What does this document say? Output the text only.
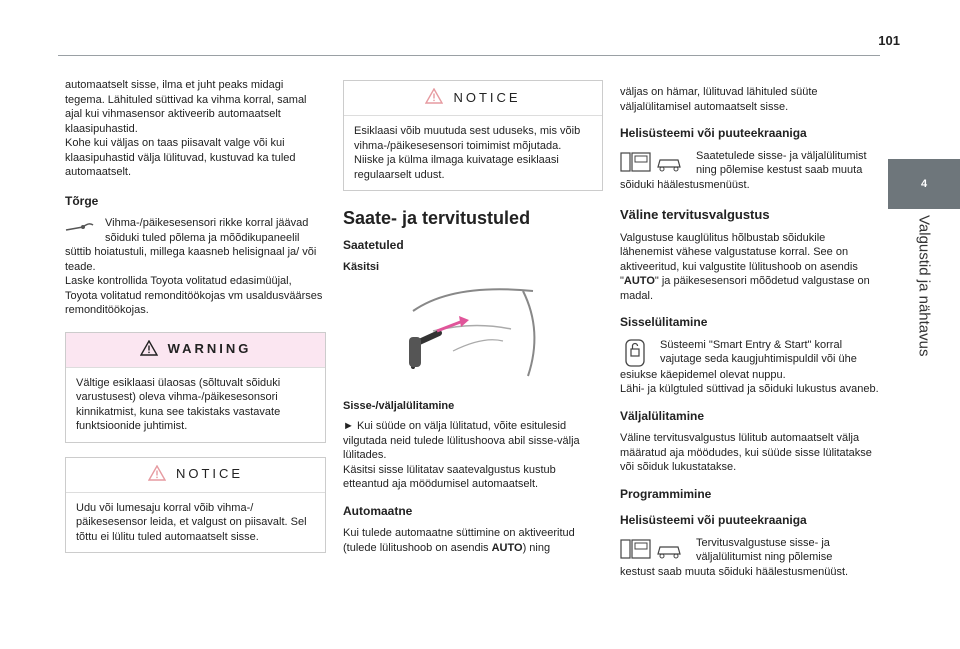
101
4
Valgustid ja nähtavus

automaatselt sisse, ilma et juht peaks midagi tegema. Lähituled süttivad ka vihma korral, samal ajal kui vihmasensor aktiveerib automaatselt klaasipuhastid.
Kohe kui väljas on taas piisavalt valge või kui klaasipuhastid välja lülituvad, kustuvad ka tuled automaatselt.

Tõrge

Vihma-/päikesesensori rikke korral jäävad sõiduki tuled põlema ja mõõdikupaneelil

süttib hoiatustuli, millega kaasneb helisignaal ja/ või teade.
Laske kontrollida Toyota volitatud edasimüüjal, Toyota volitatud remonditöökojas vm usaldusväärses remonditöökojas.

WARNING

Vältige esiklaasi ülaosas (sõltuvalt sõiduki varustusest) oleva vihma-/päikesesonsori kinnikatmist, kuna see takistaks vastavate funktsioonide juhtimist.

NOTICE

Udu või lumesaju korral võib vihma-/ päikesesensor leida, et valgust on piisavalt. Sel tõttu ei lülitu tuled automaatselt sisse.

NOTICE

Esiklaasi võib muutuda sest uduseks, mis võib vihma-/päikesesensori toimimist mõjutada.
Niiske ja külma ilmaga kuivatage esiklaasi regulaarselt udust.

Saate- ja tervitustuled
Saatetuled
Käsitsi
Sisse-/väljalülitamine

► Kui süüde on välja lülitatud, võite esitulesid vilgutada neid tulede lülitushoova abil sisse-välja lülitades.
Käsitsi sisse lülitatav saatevalgustus kustub etteantud aja möödumisel automaatselt.

Automaatne

Kui tulede automaatne süttimine on aktiveeritud (tulede lülitushoob on asendis AUTO) ning

väljas on hämar, lülituvad lähituled süüte väljalülitamisel automaatselt sisse.

Helisüsteemi või puuteekraaniga

Saatetulede sisse- ja väljalülitumist ning põlemise kestust saab muuta

sõiduki häälestusmenüüst.

Väline tervitusvalgustus

Valgustuse kauglülitus hõlbustab sõidukile lähenemist vähese valgustatuse korral. See on aktiveeritud, kui valgustite lülitushoob on asendis "AUTO" ja päikesesensori mõõdetud valgustase on madal.

Sisselülitamine

Süsteemi "Smart Entry & Start" korral vajutage seda kaugjuhtimispuldil või ühe

esiukse käepidemel olevat nuppu.
Lähi- ja külgtuled süttivad ja sõiduki lukustus avaneb.

Väljalülitamine

Väline tervitusvalgustus lülitub automaatselt välja määratud aja möödudes, kui süüde sisse lülitatakse või sõiduk lukustatakse.

Programmimine
Helisüsteemi või puuteekraaniga

Tervitusvalgustuse sisse- ja väljalülitumist ning põlemise

kestust saab muuta sõiduki häälestusmenüüst.
